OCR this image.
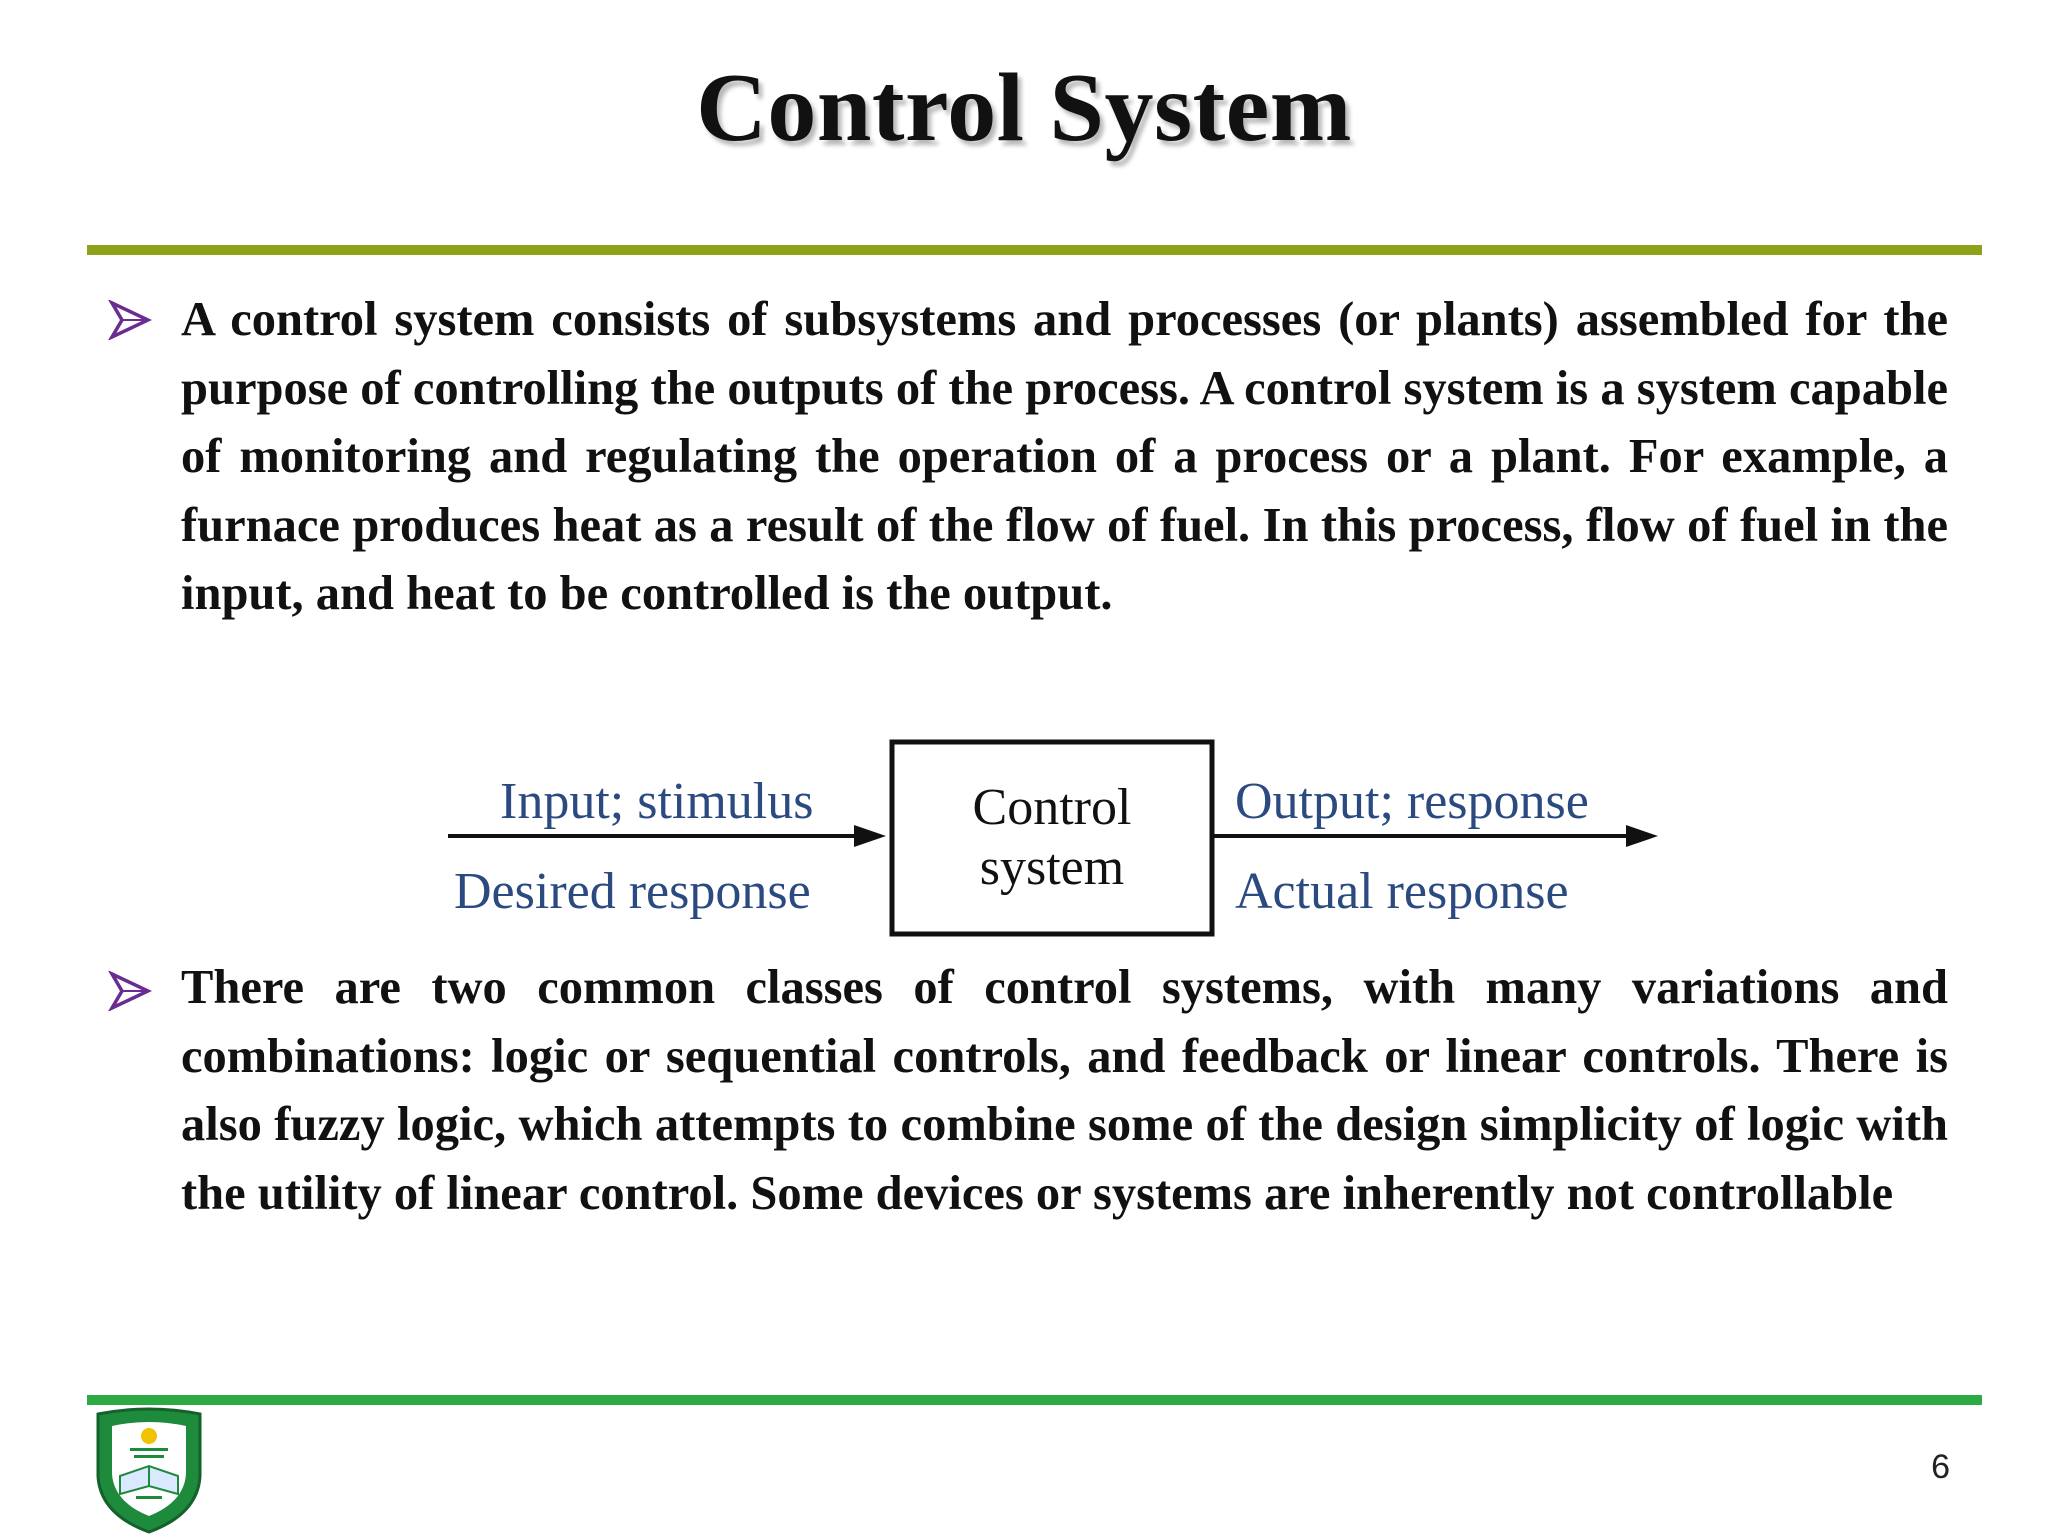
Control System

A control system consists of subsystems and processes (or plants) assembled for the purpose of controlling the outputs of the process. A control system is a system capable of monitoring and regulating the operation of a process or a plant. For example, a furnace produces heat as a result of the flow of fuel. In this process, flow of fuel in the input, and heat to be controlled is the output.

Input; stimulus
Desired response
Control
system
Output; response
Actual response

There are two common classes of control systems, with many variations and combinations: logic or sequential controls, and feedback or linear controls. There is also fuzzy logic, which attempts to combine some of the design simplicity of logic with the utility of linear control. Some devices or systems are inherently not controllable

6
